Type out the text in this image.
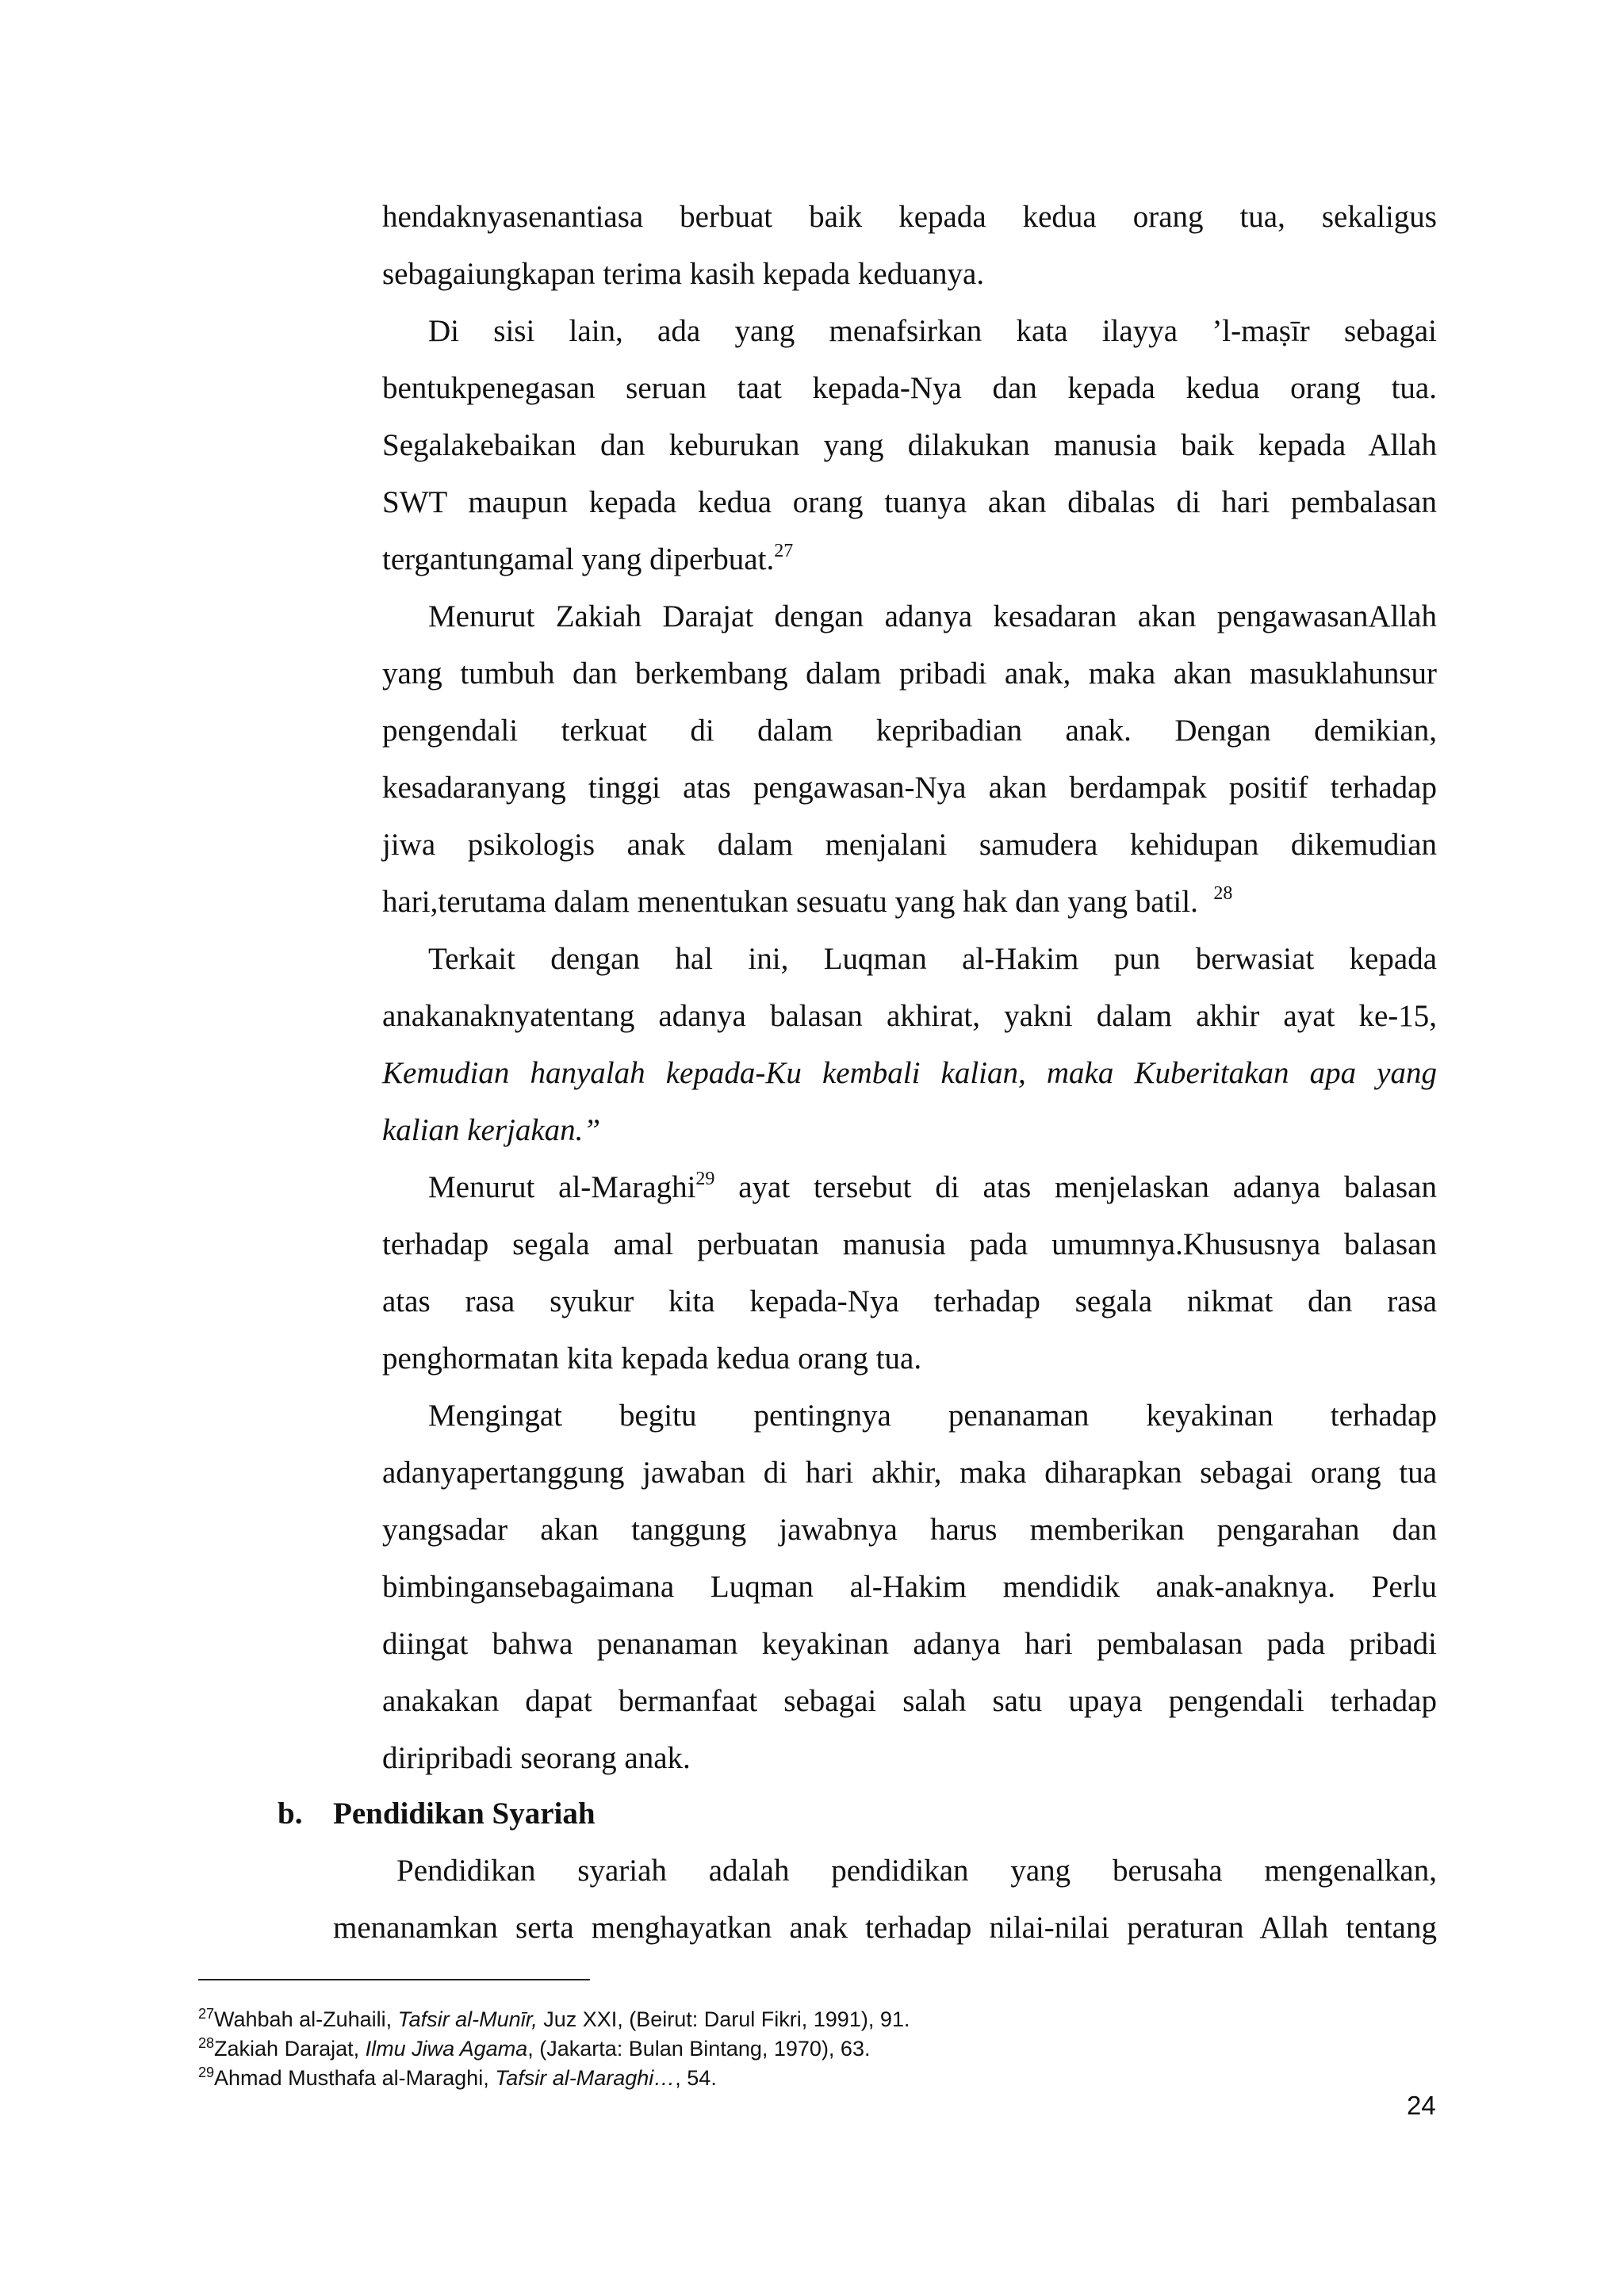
hendaknyasenantiasa berbuat baik kepada kedua orang tua, sekaligus
sebagaiungkapan terima kasih kepada keduanya.
Di sisi lain, ada yang menafsirkan kata ilayya ’l-maṣīr sebagai
bentukpenegasan seruan taat kepada-Nya dan kepada kedua orang tua.
Segalakebaikan dan keburukan yang dilakukan manusia baik kepada Allah
SWT maupun kepada kedua orang tuanya akan dibalas di hari pembalasan
tergantungamal yang diperbuat.$^{27}$
Menurut Zakiah Darajat dengan adanya kesadaran akan pengawasanAllah
yang tumbuh dan berkembang dalam pribadi anak, maka akan masuklahunsur
pengendali terkuat di dalam kepribadian anak. Dengan demikian,
kesadaranyang tinggi atas pengawasan-Nya akan berdampak positif terhadap
jiwa psikologis anak dalam menjalani samudera kehidupan dikemudian
hari,terutama dalam menentukan sesuatu yang hak dan yang batil. $^{28}$
Terkait dengan hal ini, Luqman al-Hakim pun berwasiat kepada
anakanaknyatentang adanya balasan akhirat, yakni dalam akhir ayat ke-15,
Kemudian hanyalah kepada-Ku kembali kalian, maka Kuberitakan apa yang
kalian kerjakan.”
Menurut al-Maraghi$^{29}$ ayat tersebut di atas menjelaskan adanya balasan
terhadap segala amal perbuatan manusia pada umumnya.Khususnya balasan
atas rasa syukur kita kepada-Nya terhadap segala nikmat dan rasa
penghormatan kita kepada kedua orang tua.
Mengingat begitu pentingnya penanaman keyakinan terhadap
adanyapertanggung jawaban di hari akhir, maka diharapkan sebagai orang tua
yangsadar akan tanggung jawabnya harus memberikan pengarahan dan
bimbingansebagaimana Luqman al-Hakim mendidik anak-anaknya. Perlu
diingat bahwa penanaman keyakinan adanya hari pembalasan pada pribadi
anakakan dapat bermanfaat sebagai salah satu upaya pengendali terhadap
diripribadi seorang anak.
b. Pendidikan Syariah
Pendidikan syariah adalah pendidikan yang berusaha mengenalkan,
menanamkan serta menghayatkan anak terhadap nilai-nilai peraturan Allah tentang
$^{27}$Wahbah al-Zuhaili, Tafsir al-Munīr, Juz XXI, (Beirut: Darul Fikri, 1991), 91.
$^{28}$Zakiah Darajat, Ilmu Jiwa Agama, (Jakarta: Bulan Bintang, 1970), 63.
$^{29}$Ahmad Musthafa al-Maraghi, Tafsir al-Maraghi…, 54.
24
